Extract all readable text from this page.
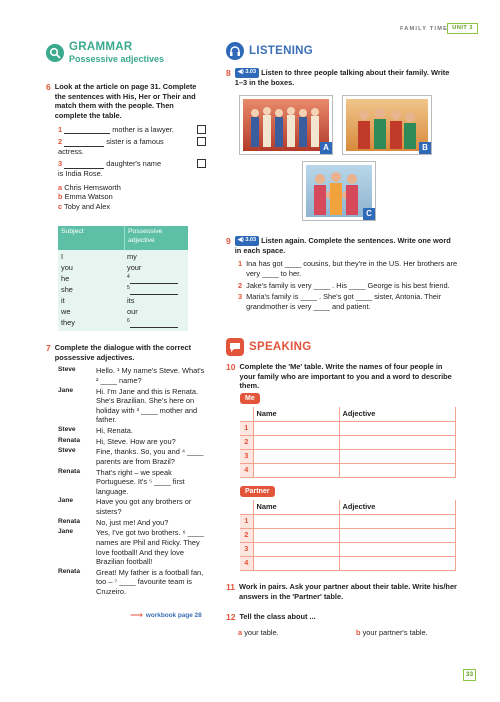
FAMILY TIME UNIT 3
GRAMMAR
Possessive adjectives
6 Look at the article on page 31. Complete the sentences with His, Her or Their and match them with the people. Then complete the table.
1	mother is a lawyer.
2	sister is a famous actress.
3	daughter's name is India Rose.
a Chris Hemsworth
b Emma Watson
c Toby and Alex
Subject	Possessive adjective
I	my
you	your
he	$^4$
she	$^5$
it	its
we	our
they	$^6$
7 Complete the dialogue with the correct possessive adjectives.
Steve	Hello. ¹ My name's Steve. What's ² ____ name?
Jane	Hi. I'm Jane and this is Renata. She's Brazilian. She's here on holiday with ³ ____ mother and father.
Steve	Hi, Renata.
Renata	Hi, Steve. How are you?
Steve	Fine, thanks. So, you and ⁴ ____ parents are from Brazil?
Renata	That's right – we speak Portuguese. It's ⁵ ____ first language.
Jane	Have you got any brothers or sisters?
Renata	No, just me! And you?
Jane	Yes, I've got two brothers. ⁶ ____ names are Phil and Ricky. They love football! And they love Brazilian football!
Renata	Great! My father is a football fan, too – ⁷ ____ favourite team is Cruzeiro.
⟶ workbook page 28
LISTENING
8	◀) 3.03 Listen to three people talking about their family. Write 1–3 in the boxes.
A	B
C
9	◀) 3.03 Listen again. Complete the sentences. Write one word in each space.
1 Ina has got ____ cousins, but they're in the US. Her brothers are very ____ to her.
2 Jake's family is very ____ . His ____ George is his best friend.
3 Maria's family is ____ . She's got ____ sister, Antonia. Their grandmother is very ____ and patient.
SPEAKING
10 Complete the 'Me' table. Write the names of four people in your family who are important to you and a word to describe them.
Me
	Name	Adjective
1		
2		
3		
4		
Partner
	Name	Adjective
1		
2		
3		
4		
11 Work in pairs. Ask your partner about their table. Write his/her answers in the 'Partner' table.
12 Tell the class about ...
a your table.	b your partner's table.
33
